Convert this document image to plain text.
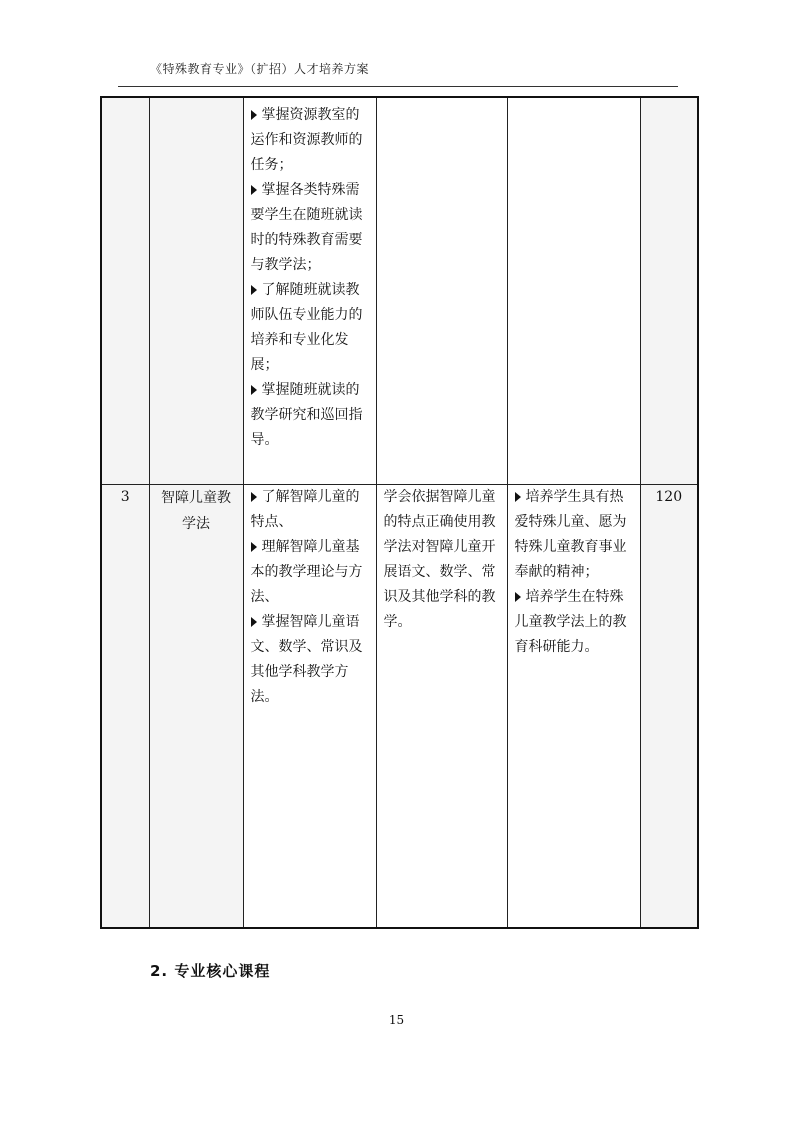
《特殊教育专业》（扩招）人才培养方案

		掌握资源教室的运作和资源教师的任务；
掌握各类特殊需要学生在随班就读时的特殊教育需要与教学法；
了解随班就读教师队伍专业能力的培养和专业化发展；
掌握随班就读的教学研究和巡回指导。			

3	智障儿童教学法	了解智障儿童的特点、
理解智障儿童基本的教学理论与方法、
掌握智障儿童语文、数学、常识及其他学科教学方法。	学会依据智障儿童的特点正确使用教学法对智障儿童开展语文、数学、常识及其他学科的教学。	培养学生具有热爱特殊儿童、愿为特殊儿童教育事业奉献的精神；
培养学生在特殊儿童教学法上的教育科研能力。	120
2. 专业核心课程
15
